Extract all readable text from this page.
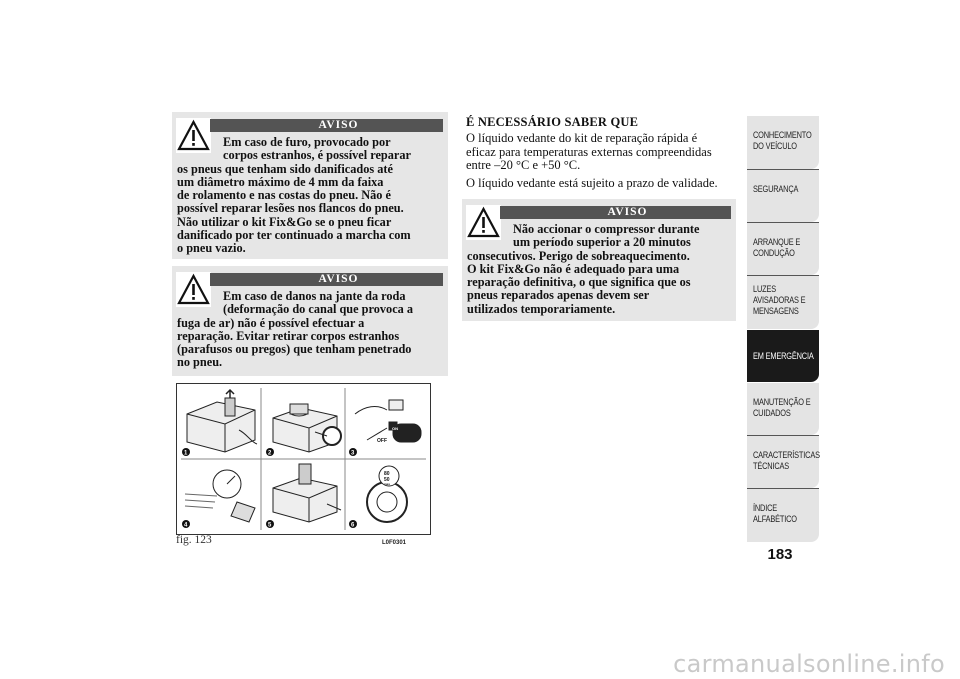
AVISO
Em caso de furo, provocado por
corpos estranhos, é possível reparar
os pneus que tenham sido danificados até
um diâmetro máximo de 4 mm da faixa
de rolamento e nas costas do pneu. Não é
possível reparar lesões nos flancos do pneu.
Não utilizar o kit Fix&Go se o pneu ficar
danificado por ter continuado a marcha com
o pneu vazio.
AVISO
Em caso de danos na jante da roda
(deformação do canal que provoca a
fuga de ar) não é possível efectuar a
reparação. Evitar retirar corpos estranhos
(parafusos ou pregos) que tenham penetrado
no pneu.
1	2	3
4	5	6
OFF
ON
80
50
max
fig. 123	L0F0301
É NECESSÁRIO SABER QUE
O líquido vedante do kit de reparação rápida é
eficaz para temperaturas externas compreendidas
entre –20 °C e +50 °C.
O líquido vedante está sujeito a prazo de validade.
AVISO
Não accionar o compressor durante
um período superior a 20 minutos
consecutivos. Perigo de sobreaquecimento.
O kit Fix&Go não é adequado para uma
reparação definitiva, o que significa que os
pneus reparados apenas devem ser
utilizados temporariamente.
CONHECIMENTO
DO VEÍCULO
SEGURANÇA
ARRANQUE E
CONDUÇÃO
LUZES
AVISADORAS E
MENSAGENS
EM EMERGÊNCIA
MANUTENÇÃO E
CUIDADOS
CARACTERÍSTICAS
TÉCNICAS
ÍNDICE
ALFABÉTICO
183
carmanualsonline.info
